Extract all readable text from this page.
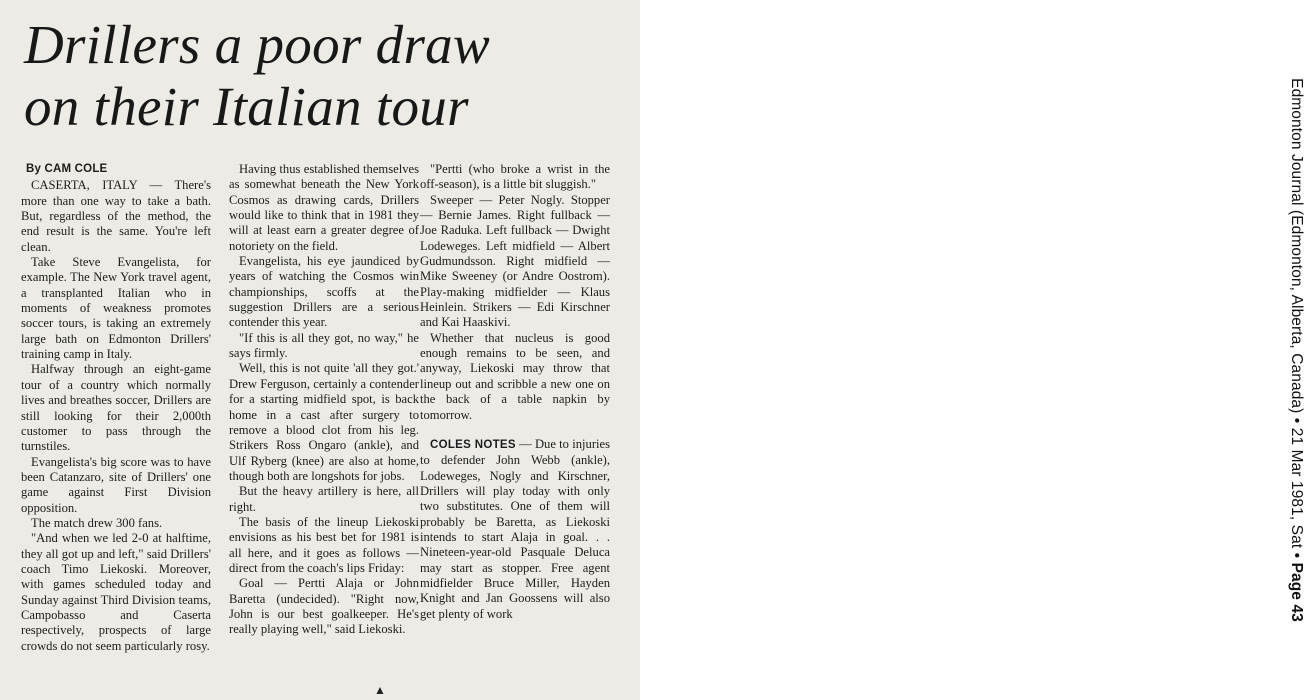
Drillers a poor draw
on their Italian tour
By CAM COLE

CASERTA, ITALY — There's more than one way to take a bath. But, regardless of the method, the end result is the same. You're left clean.

Take Steve Evangelista, for example. The New York travel agent, a transplanted Italian who in moments of weakness promotes soccer tours, is taking an extremely large bath on Edmonton Drillers' training camp in Italy.

Halfway through an eight-game tour of a country which normally lives and breathes soccer, Drillers are still looking for their 2,000th customer to pass through the turnstiles.

Evangelista's big score was to have been Catanzaro, site of Drillers' one game against First Division opposition.

The match drew 300 fans.

"And when we led 2-0 at halftime, they all got up and left," said Drillers' coach Timo Liekoski. Moreover, with games scheduled today and Sunday against Third Division teams, Campobasso and Caserta respectively, prospects of large crowds do not seem particularly rosy.

Having thus established themselves as somewhat beneath the New York Cosmos as drawing cards, Drillers would like to think that in 1981 they will at least earn a greater degree of notoriety on the field.

Evangelista, his eye jaundiced by years of watching the Cosmos win championships, scoffs at the suggestion Drillers are a serious contender this year.

"If this is all they got, no way," he says firmly.

Well, this is not quite 'all they got.' Drew Ferguson, certainly a contender for a starting midfield spot, is back home in a cast after surgery to remove a blood clot from his leg. Strikers Ross Ongaro (ankle), and Ulf Ryberg (knee) are also at home, though both are longshots for jobs.

But the heavy artillery is here, all right.

The basis of the lineup Liekoski envisions as his best bet for 1981 is all here, and it goes as follows — direct from the coach's lips Friday:

Goal — Pertti Alaja or John Baretta (undecided). "Right now, John is our best goalkeeper. He's really playing well," said Liekoski.

"Pertti (who broke a wrist in the off-season), is a little bit sluggish."

Sweeper — Peter Nogly. Stopper — Bernie James. Right fullback — Joe Raduka. Left fullback — Dwight Lodeweges. Left midfield — Albert Gudmundsson. Right midfield — Mike Sweeney (or Andre Oostrom). Play-making midfielder — Klaus Heinlein. Strikers — Edi Kirschner and Kai Haaskivi.

Whether that nucleus is good enough remains to be seen, and anyway, Liekoski may throw that lineup out and scribble a new one on the back of a table napkin by tomorrow.

COLES NOTES — Due to injuries to defender John Webb (ankle), Lodeweges, Nogly and Kirschner, Drillers will play today with only two substitutes. One of them will probably be Baretta, as Liekoski intends to start Alaja in goal. . . Nineteen-year-old Pasquale Deluca may start as stopper. Free agent midfielder Bruce Miller, Hayden Knight and Jan Goossens will also get plenty of work

▲
Edmonton Journal (Edmonton, Alberta, Canada) • 21 Mar 1981, Sat • Page 43
